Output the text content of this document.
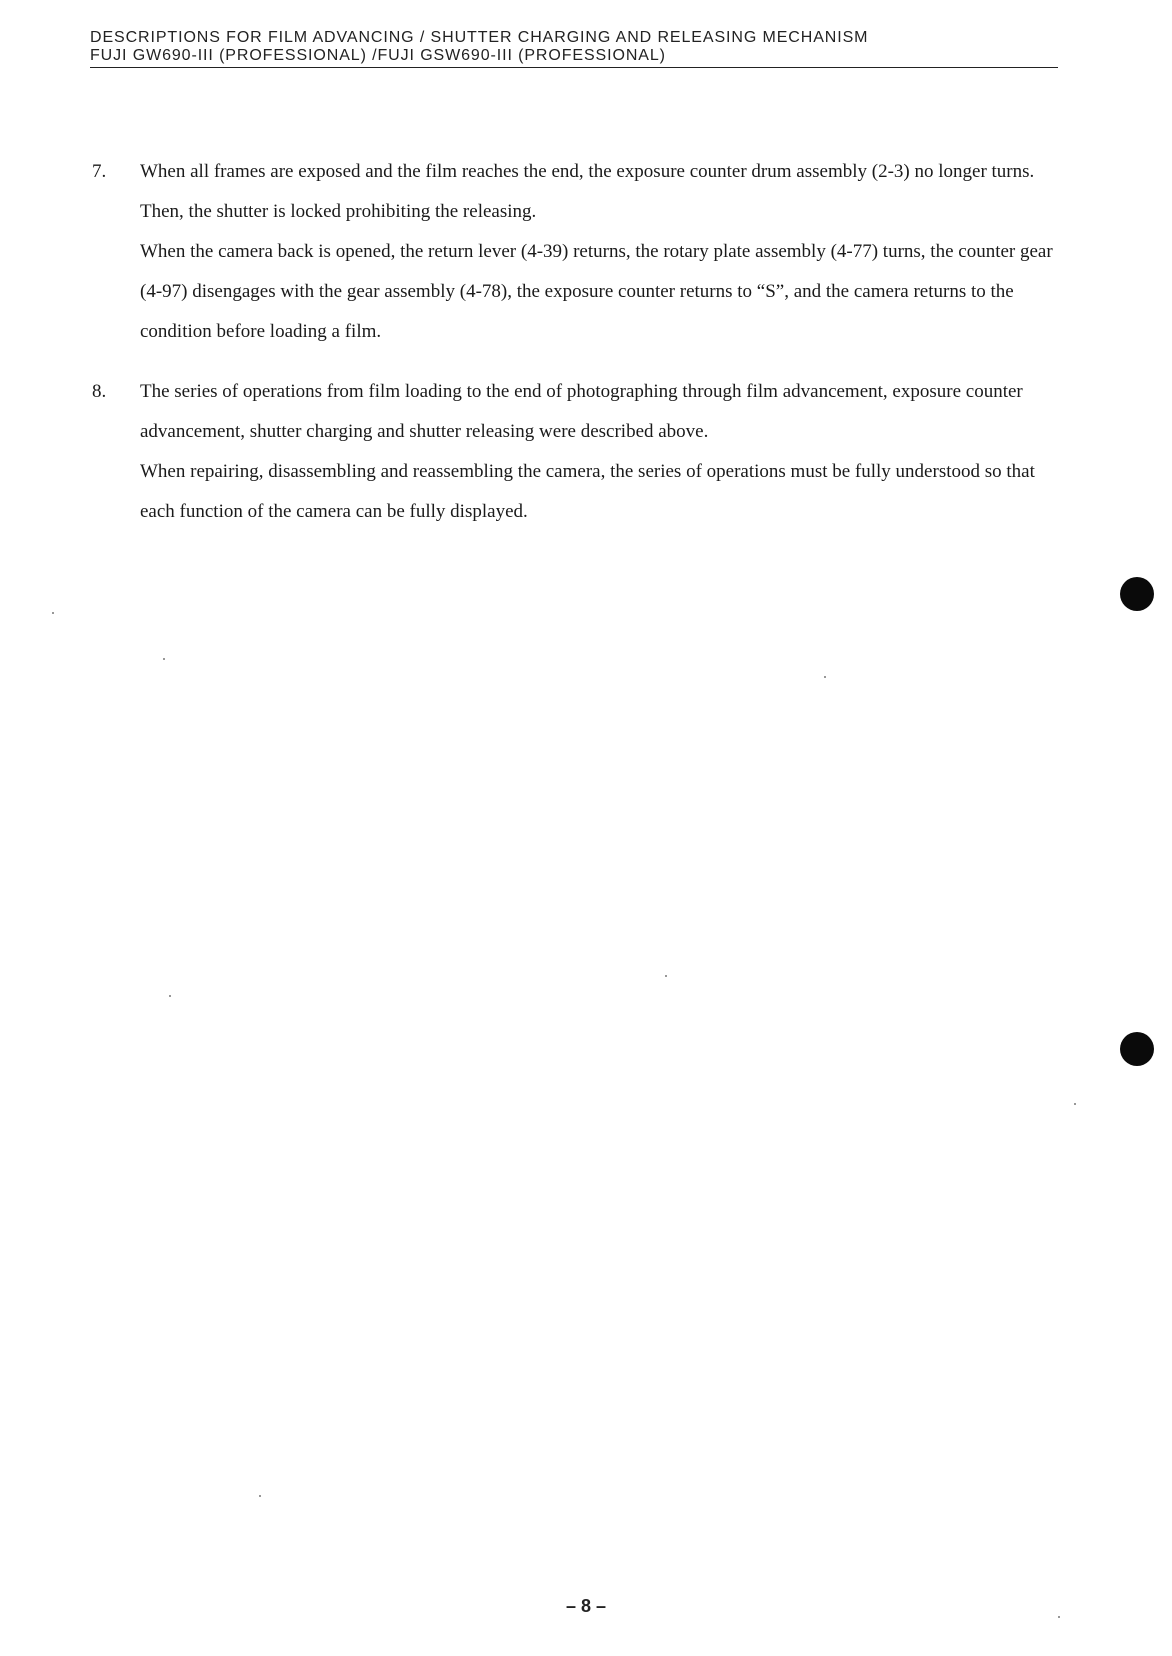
DESCRIPTIONS FOR FILM ADVANCING / SHUTTER CHARGING AND RELEASING MECHANISM
FUJI GW690-III (PROFESSIONAL) /FUJI GSW690-III (PROFESSIONAL)
7.	When all frames are exposed and the film reaches the end, the exposure counter drum assembly (2-3) no longer turns. Then, the shutter is locked prohibiting the releasing.

When the camera back is opened, the return lever (4-39) returns, the rotary plate assembly (4-77) turns, the counter gear (4-97) disengages with the gear assembly (4-78), the exposure counter returns to “S”, and the camera returns to the condition before loading a film.

8.	The series of operations from film loading to the end of photographing through film advancement, exposure counter advancement, shutter charging and shutter releasing were described above.

When repairing, disassembling and reassembling the camera, the series of operations must be fully understood so that each function of the camera can be fully displayed.

– 8 –
